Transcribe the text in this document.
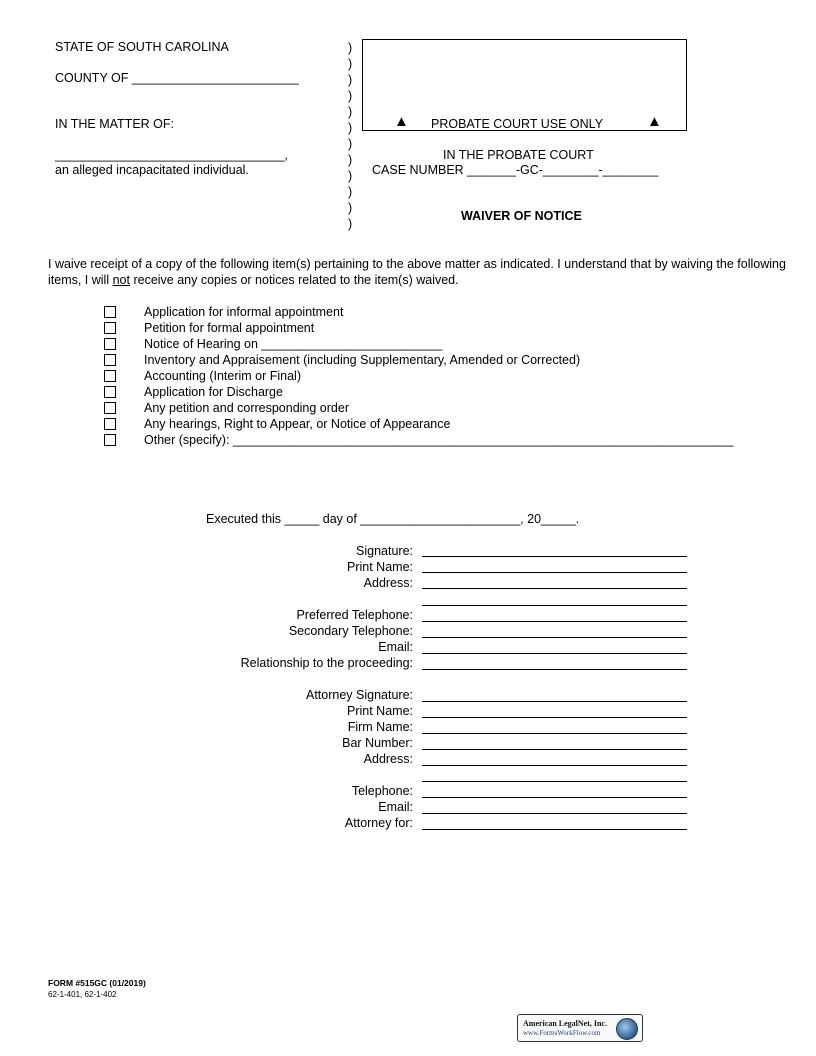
STATE OF SOUTH CAROLINA
COUNTY OF ________________________
IN THE MATTER OF:
_________________________________,
an alleged incapacitated individual.
)
)
)
)
)
)
)
)
)
)
)
)
▲ PROBATE COURT USE ONLY	▲
IN THE PROBATE COURT
CASE NUMBER _______-GC-________-________
WAIVER OF NOTICE
I waive receipt of a copy of the following item(s) pertaining to the above matter as indicated. I understand that by waiving the following items, I will not receive any copies or notices related to the item(s) waived.
Application for informal appointment
Petition for formal appointment
Notice of Hearing on __________________________
Inventory and Appraisement (including Supplementary, Amended or Corrected)
Accounting (Interim or Final)
Application for Discharge
Any petition and corresponding order
Any hearings, Right to Appear, or Notice of Appearance
Other (specify): ________________________________________________________________________
Executed this _____ day of _______________________, 20_____.
Signature:
Print Name:
Address:
Preferred Telephone:
Secondary Telephone:
Email:
Relationship to the proceeding:
Attorney Signature:
Print Name:
Firm Name:
Bar Number:
Address:
Telephone:
Email:
Attorney for:
FORM #515GC (01/2019)
62-1-401, 62-1-402
American LegalNet, Inc.
www.FormsWorkFlow.com
